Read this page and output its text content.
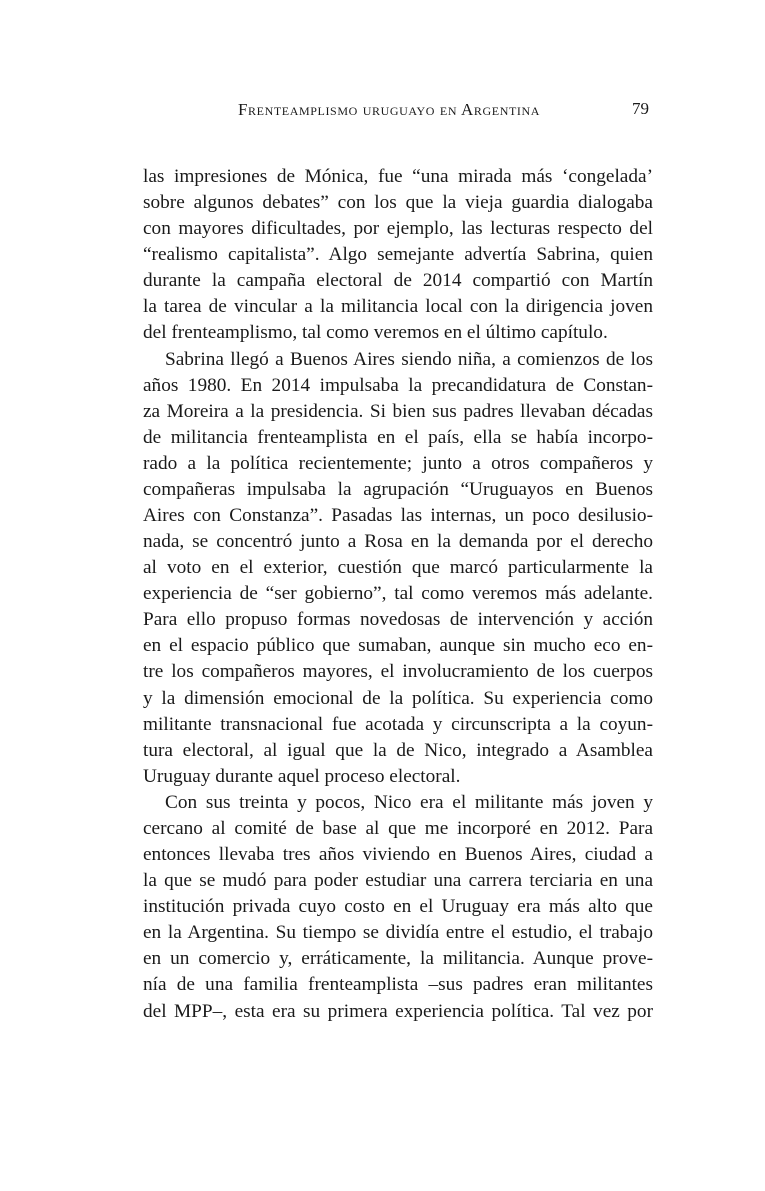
Frenteamplismo uruguayo en Argentina	79
las impresiones de Mónica, fue “una mirada más ‘congelada’
sobre algunos debates” con los que la vieja guardia dialogaba
con mayores dificultades, por ejemplo, las lecturas respecto del
“realismo capitalista”. Algo semejante advertía Sabrina, quien
durante la campaña electoral de 2014 compartió con Martín
la tarea de vincular a la militancia local con la dirigencia joven
del frenteamplismo, tal como veremos en el último capítulo.
Sabrina llegó a Buenos Aires siendo niña, a comienzos de los
años 1980. En 2014 impulsaba la precandidatura de Constan-
za Moreira a la presidencia. Si bien sus padres llevaban décadas
de militancia frenteamplista en el país, ella se había incorpo-
rado a la política recientemente; junto a otros compañeros y
compañeras impulsaba la agrupación “Uruguayos en Buenos
Aires con Constanza”. Pasadas las internas, un poco desilusio-
nada, se concentró junto a Rosa en la demanda por el derecho
al voto en el exterior, cuestión que marcó particularmente la
experiencia de “ser gobierno”, tal como veremos más adelante.
Para ello propuso formas novedosas de intervención y acción
en el espacio público que sumaban, aunque sin mucho eco en-
tre los compañeros mayores, el involucramiento de los cuerpos
y la dimensión emocional de la política. Su experiencia como
militante transnacional fue acotada y circunscripta a la coyun-
tura electoral, al igual que la de Nico, integrado a Asamblea
Uruguay durante aquel proceso electoral.
Con sus treinta y pocos, Nico era el militante más joven y
cercano al comité de base al que me incorporé en 2012. Para
entonces llevaba tres años viviendo en Buenos Aires, ciudad a
la que se mudó para poder estudiar una carrera terciaria en una
institución privada cuyo costo en el Uruguay era más alto que
en la Argentina. Su tiempo se dividía entre el estudio, el trabajo
en un comercio y, erráticamente, la militancia. Aunque prove-
nía de una familia frenteamplista –sus padres eran militantes
del MPP–, esta era su primera experiencia política. Tal vez por
